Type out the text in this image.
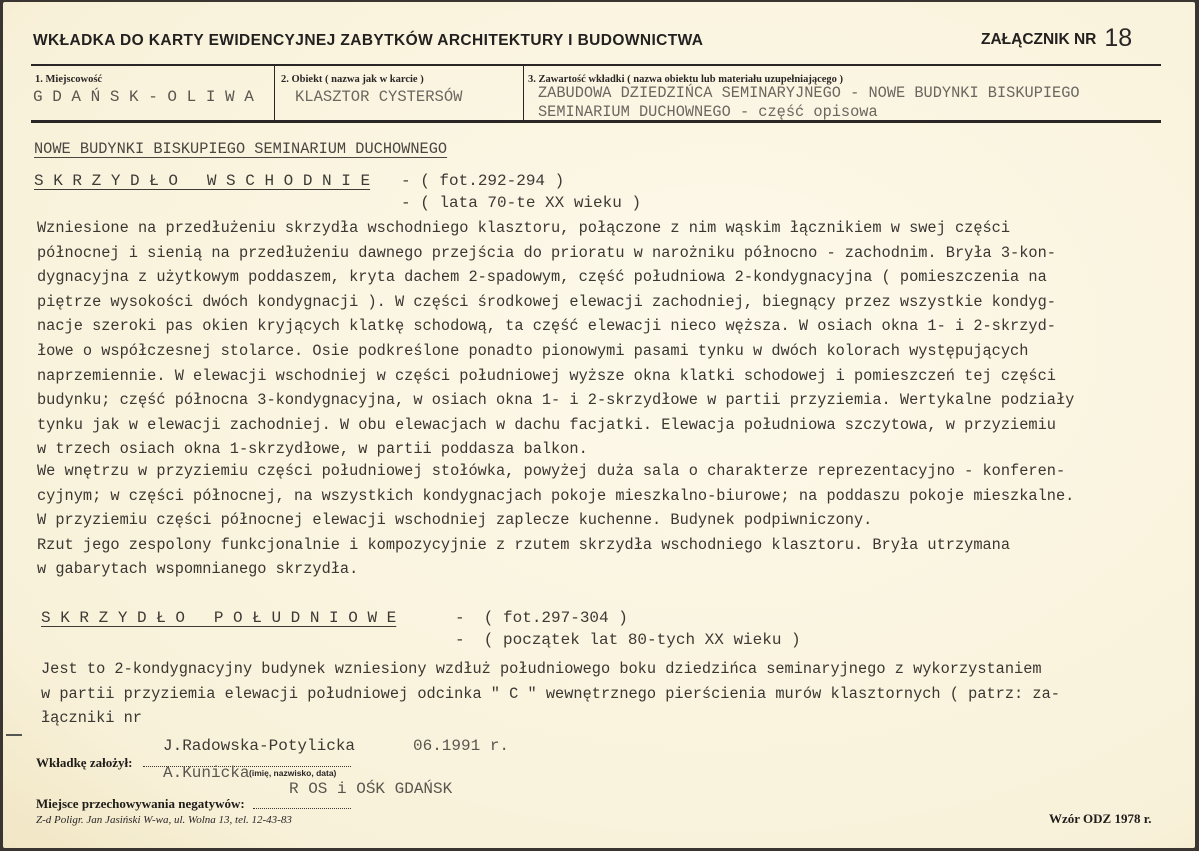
WKŁADKA DO KARTY EWIDENCYJNEJ ZABYTKÓW ARCHITEKTURY I BUDOWNICTWA	ZAŁĄCZNIK NR 18
1. Miejscowość
G D A Ń S K - O L I W A
2. Obiekt ( nazwa jak w karcie )
KLASZTOR CYSTERSÓW
3. Zawartość wkładki ( nazwa obiektu lub materiału uzupełniającego )
ZABUDOWA DZIEDZIŃCA SEMINARYJNEGO - NOWE BUDYNKI BISKUPIEGO
SEMINARIUM DUCHOWNEGO - część opisowa
NOWE BUDYNKI BISKUPIEGO SEMINARIUM DUCHOWNEGO
S K R Z Y D Ł O   W S C H O D N I E - ( fot.292-294 )
- ( lata 70-te XX wieku )
Wzniesione na przedłużeniu skrzydła wschodniego klasztoru, połączone z nim wąskim łącznikiem w swej części
północnej i sienią na przedłużeniu dawnego przejścia do prioratu w narożniku północno - zachodnim. Bryła 3-kon-
dygnacyjna z użytkowym poddaszem, kryta dachem 2-spadowym, część południowa 2-kondygnacyjna ( pomieszczenia na
piętrze wysokości dwóch kondygnacji ). W części środkowej elewacji zachodniej, biegnący przez wszystkie kondyg-
nacje szeroki pas okien kryjących klatkę schodową, ta część elewacji nieco węższa. W osiach okna 1- i 2-skrzyd-
łowe o współczesnej stolarce. Osie podkreślone ponadto pionowymi pasami tynku w dwóch kolorach występujących
naprzemiennie. W elewacji wschodniej w części południowej wyższe okna klatki schodowej i pomieszczeń tej części
budynku; część północna 3-kondygnacyjna, w osiach okna 1- i 2-skrzydłowe w partii przyziemia. Wertykalne podziały
tynku jak w elewacji zachodniej. W obu elewacjach w dachu facjatki. Elewacja południowa szczytowa, w przyziemiu
w trzech osiach okna 1-skrzydłowe, w partii poddasza balkon.
We wnętrzu w przyziemiu części południowej stołówka, powyżej duża sala o charakterze reprezentacyjno - konferen-
cyjnym; w części północnej, na wszystkich kondygnacjach pokoje mieszkalno-biurowe; na poddaszu pokoje mieszkalne.
W przyziemiu części północnej elewacji wschodniej zaplecze kuchenne. Budynek podpiwniczony.
Rzut jego zespolony funkcjonalnie i kompozycyjnie z rzutem skrzydła wschodniego klasztoru. Bryła utrzymana
w gabarytach wspomnianego skrzydła.
S K R Z Y D Ł O   P O Ł U D N I O W E	-  ( fot.297-304 )
-  ( początek lat 80-tych XX wieku )
Jest to 2-kondygnacyjny budynek wzniesiony wzdłuż południowego boku dziedzińca seminaryjnego z wykorzystaniem
w partii przyziemia elewacji południowej odcinka " C " wewnętrznego pierścienia murów klasztornych ( patrz: za-
łączniki nr
J.Radowska-Potylicka	06.1991 r.
Wkładkę założył:
A.Kunicka (imię, nazwisko, data)
R OS i OŚK GDAŃSK
Miejsce przechowywania negatywów:
Z-d Poligr. Jan Jasiński W-wa, ul. Wolna 13, tel. 12-43-83	Wzór ODZ 1978 r.
